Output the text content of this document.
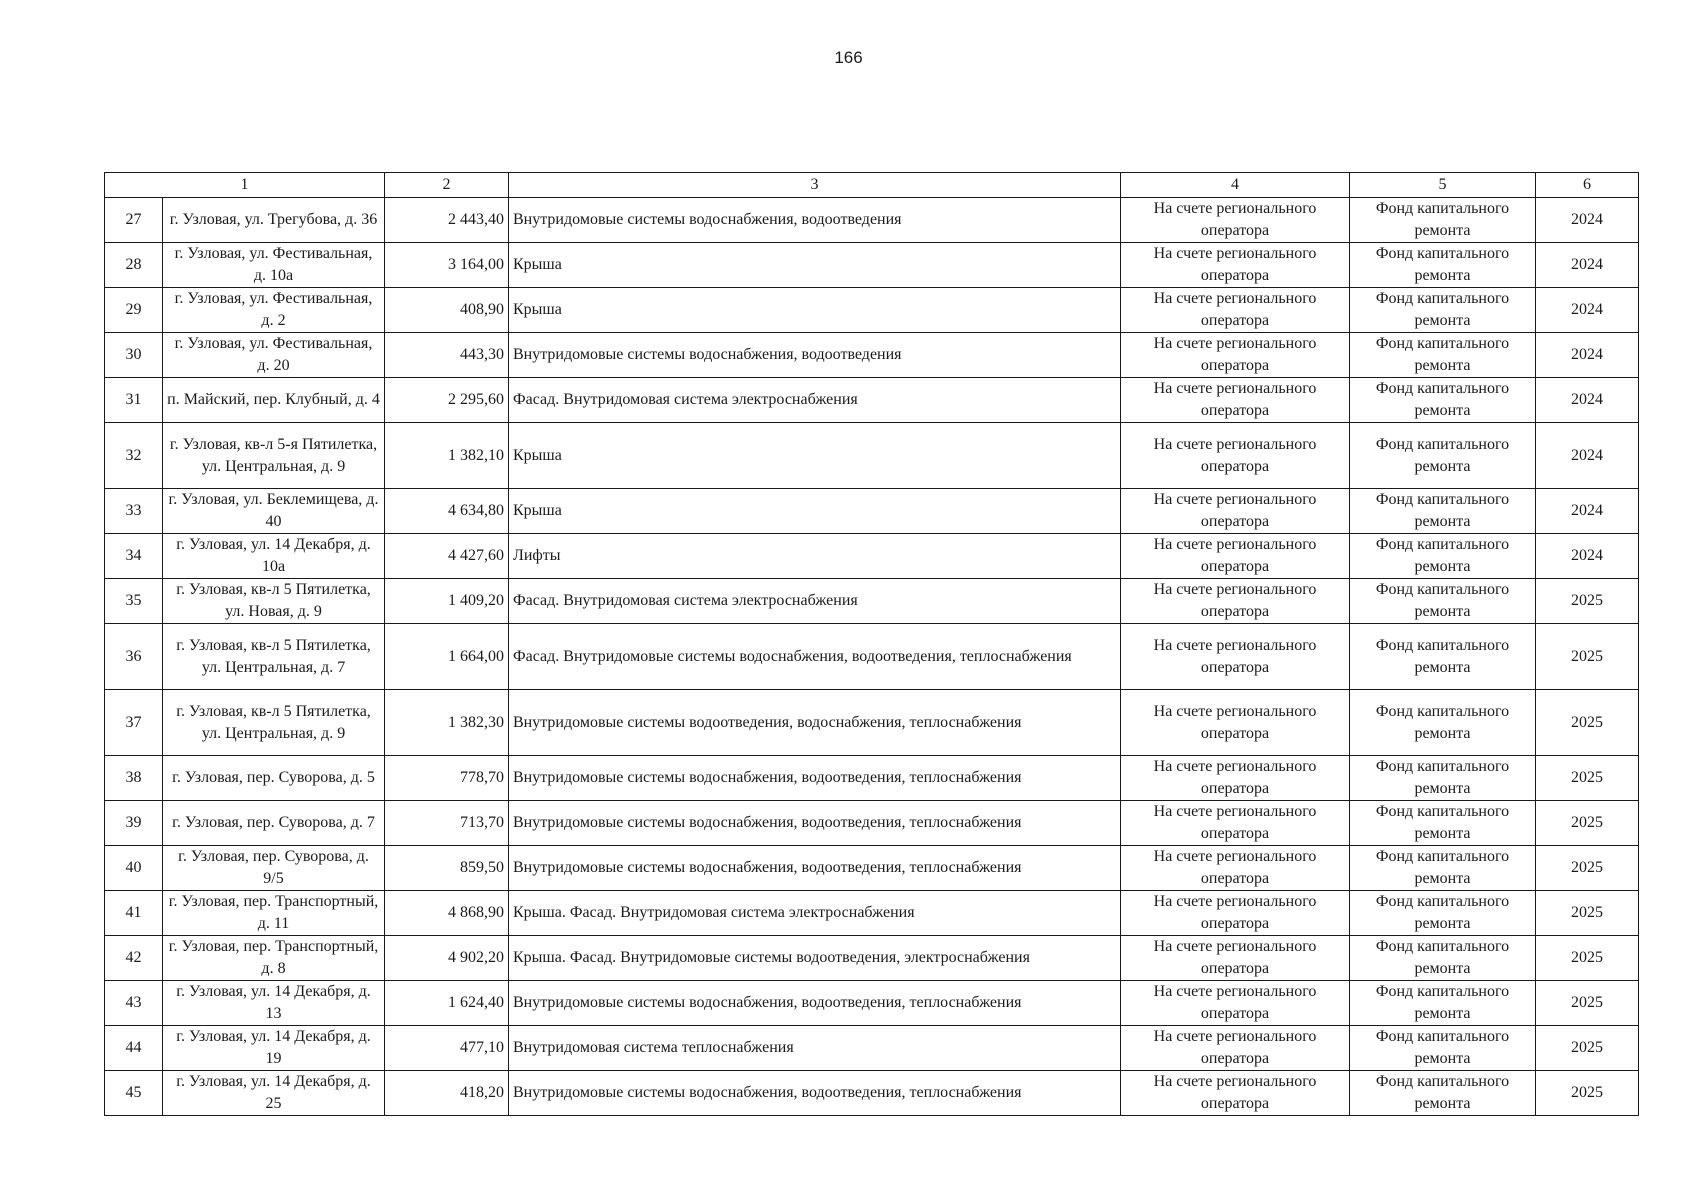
166
1		2	3	4	5	6
27	г. Узловая, ул. Трегубова, д. 36	2 443,40	Внутридомовые системы водоснабжения, водоотведения	На счете регионального оператора	Фонд капитального ремонта	2024
28	г. Узловая, ул. Фестивальная, д. 10а	3 164,00	Крыша	На счете регионального оператора	Фонд капитального ремонта	2024
29	г. Узловая, ул. Фестивальная, д. 2	408,90	Крыша	На счете регионального оператора	Фонд капитального ремонта	2024
30	г. Узловая, ул. Фестивальная, д. 20	443,30	Внутридомовые системы водоснабжения, водоотведения	На счете регионального оператора	Фонд капитального ремонта	2024
31	п. Майский, пер. Клубный, д. 4	2 295,60	Фасад. Внутридомовая система электроснабжения	На счете регионального оператора	Фонд капитального ремонта	2024
32	г. Узловая, кв-л 5-я Пятилетка, ул. Центральная, д. 9	1 382,10	Крыша	На счете регионального оператора	Фонд капитального ремонта	2024
33	г. Узловая, ул. Беклемищева, д. 40	4 634,80	Крыша	На счете регионального оператора	Фонд капитального ремонта	2024
34	г. Узловая, ул. 14 Декабря, д. 10а	4 427,60	Лифты	На счете регионального оператора	Фонд капитального ремонта	2024
35	г. Узловая, кв-л 5 Пятилетка, ул. Новая, д. 9	1 409,20	Фасад. Внутридомовая система электроснабжения	На счете регионального оператора	Фонд капитального ремонта	2025
36	г. Узловая, кв-л 5 Пятилетка, ул. Центральная, д. 7	1 664,00	Фасад. Внутридомовые системы водоснабжения, водоотведения, теплоснабжения	На счете регионального оператора	Фонд капитального ремонта	2025
37	г. Узловая, кв-л 5 Пятилетка, ул. Центральная, д. 9	1 382,30	Внутридомовые системы водоотведения, водоснабжения, теплоснабжения	На счете регионального оператора	Фонд капитального ремонта	2025
38	г. Узловая, пер. Суворова, д. 5	778,70	Внутридомовые системы водоснабжения, водоотведения, теплоснабжения	На счете регионального оператора	Фонд капитального ремонта	2025
39	г. Узловая, пер. Суворова, д. 7	713,70	Внутридомовые системы водоснабжения, водоотведения, теплоснабжения	На счете регионального оператора	Фонд капитального ремонта	2025
40	г. Узловая, пер. Суворова, д. 9/5	859,50	Внутридомовые системы водоснабжения, водоотведения, теплоснабжения	На счете регионального оператора	Фонд капитального ремонта	2025
41	г. Узловая, пер. Транспортный, д. 11	4 868,90	Крыша. Фасад. Внутридомовая система электроснабжения	На счете регионального оператора	Фонд капитального ремонта	2025
42	г. Узловая, пер. Транспортный, д. 8	4 902,20	Крыша. Фасад. Внутридомовые системы водоотведения, электроснабжения	На счете регионального оператора	Фонд капитального ремонта	2025
43	г. Узловая, ул. 14 Декабря, д. 13	1 624,40	Внутридомовые системы водоснабжения, водоотведения, теплоснабжения	На счете регионального оператора	Фонд капитального ремонта	2025
44	г. Узловая, ул. 14 Декабря, д. 19	477,10	Внутридомовая система теплоснабжения	На счете регионального оператора	Фонд капитального ремонта	2025
45	г. Узловая, ул. 14 Декабря, д. 25	418,20	Внутридомовые системы водоснабжения, водоотведения, теплоснабжения	На счете регионального оператора	Фонд капитального ремонта	2025
